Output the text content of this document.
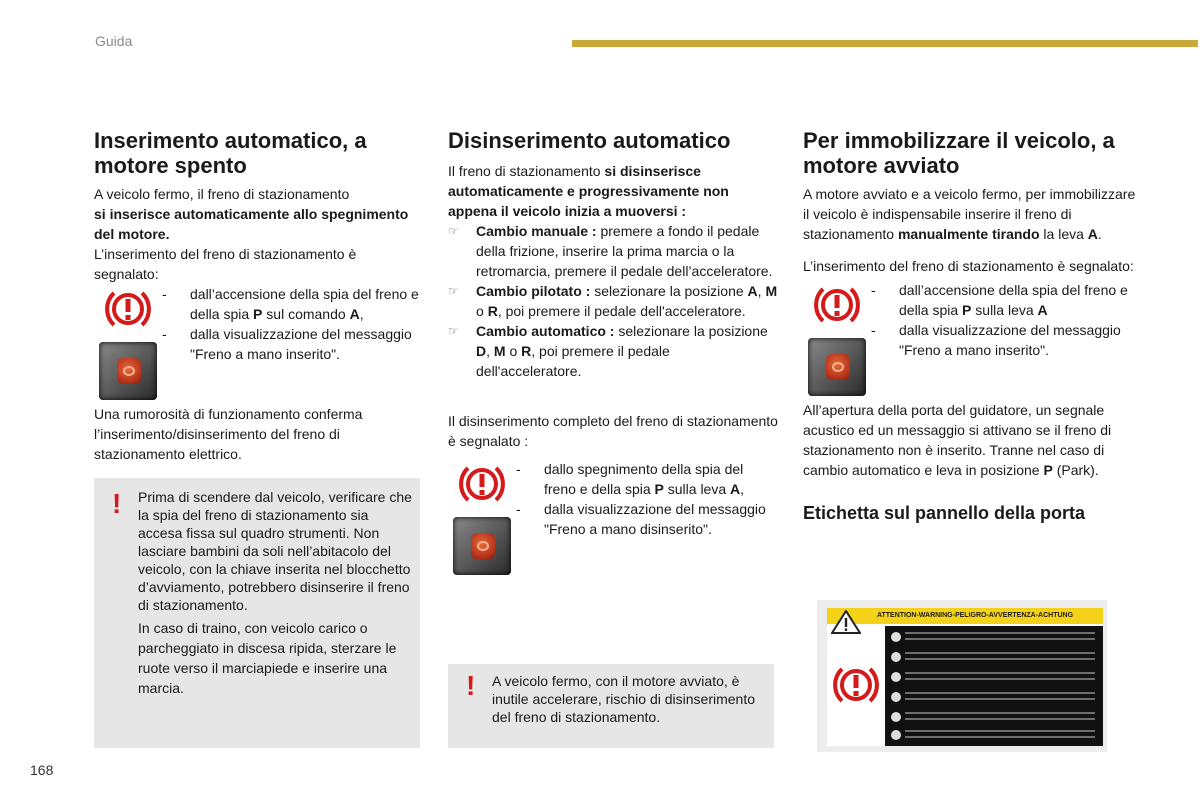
Guida
Inserimento automatico, a motore spento

A veicolo fermo, il freno di stazionamento
si inserisce automaticamente allo spegnimento del motore.

L’inserimento del freno di stazionamento è segnalato:

-	dall’accensione della spia del freno e della spia P sul comando A,
-	dalla visualizzazione del messaggio "Freno a mano inserito".

Una rumorosità di funzionamento conferma l’inserimento/disinserimento del freno di stazionamento elettrico.

! Prima di scendere dal veicolo, verificare che la spia del freno di stazionamento sia accesa fissa sul quadro strumenti. Non lasciare bambini da soli nell’abitacolo del veicolo, con la chiave inserita nel blocchetto d’avviamento, potrebbero disinserire il freno di stazionamento.

In caso di traino, con veicolo carico o parcheggiato in discesa ripida, sterzare le ruote verso il marciapiede e inserire una marcia.

Disinserimento automatico

Il freno di stazionamento si disinserisce automaticamente e progressivamente non appena il veicolo inizia a muoversi :

☞	Cambio manuale : premere a fondo il pedale della frizione, inserire la prima marcia o la retromarcia, premere il pedale dell’acceleratore.
☞	Cambio pilotato : selezionare la posizione A, M o R, poi premere il pedale dell'acceleratore.
☞	Cambio automatico : selezionare la posizione D, M o R, poi premere il pedale dell'acceleratore.

Il disinserimento completo del freno di stazionamento è segnalato :

-	dallo spegnimento della spia del freno e della spia P sulla leva A,
-	dalla visualizzazione del messaggio "Freno a mano disinserito".
! A veicolo fermo, con il motore avviato, è inutile accelerare, rischio di disinserimento del freno di stazionamento.
Per immobilizzare il veicolo, a motore avviato

A motore avviato e a veicolo fermo, per immobilizzare il veicolo è indispensabile inserire il freno di stazionamento manualmente tirando la leva A.

L’inserimento del freno di stazionamento è segnalato:

-	dall’accensione della spia del freno e della spia P sulla leva A
-	dalla visualizzazione del messaggio "Freno a mano inserito".

All’apertura della porta del guidatore, un segnale acustico ed un messaggio si attivano se il freno di stazionamento non è inserito. Tranne nel caso di cambio automatico e leva in posizione P (Park).

Etichetta sul pannello della porta
ATTENTION-WARNING-PELIGRO-AVVERTENZA-ACHTUNG
168
